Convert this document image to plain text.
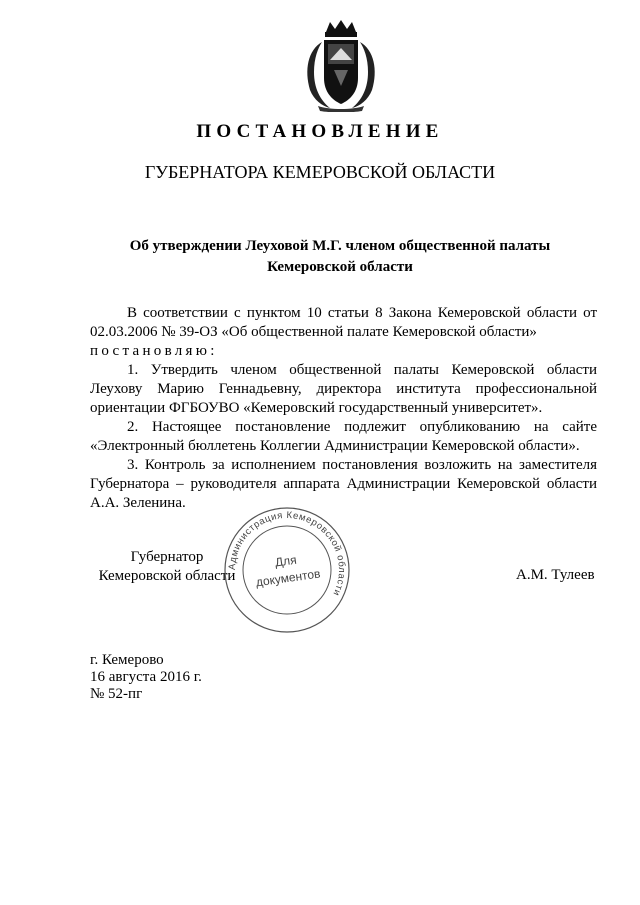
ПОСТАНОВЛЕНИЕ
ГУБЕРНАТОРА КЕМЕРОВСКОЙ ОБЛАСТИ
Об утверждении Леуховой М.Г. членом общественной палаты
Кемеровской области

В соответствии с пунктом 10 статьи 8 Закона Кемеровской области от 02.03.2006 № 39-ОЗ «Об общественной палате Кемеровской области»

постановляю:

1. Утвердить членом общественной палаты Кемеровской области Леухову Марию Геннадьевну, директора института профессиональной ориентации ФГБОУВО «Кемеровский государственный университет».

2. Настоящее постановление подлежит опубликованию на сайте «Электронный бюллетень Коллегии Администрации Кемеровской области».

3. Контроль за исполнением постановления возложить на заместителя Губернатора – руководителя аппарата Администрации Кемеровской области А.А. Зеленина.

Губернатор
Кемеровской области
Администрация Кемеровской области
Для
документов	А.М. Тулеев
г. Кемерово
16 августа 2016 г.
№ 52-пг
